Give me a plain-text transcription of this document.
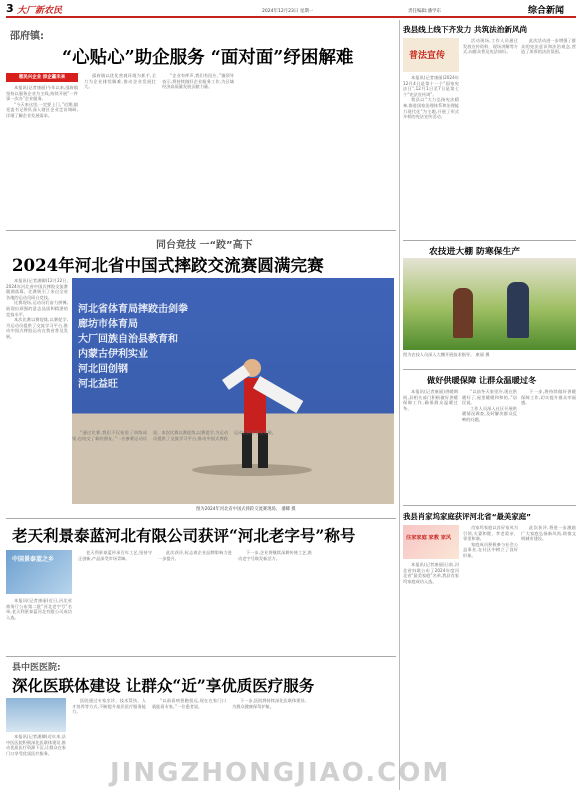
3 大厂新农民	2024年12月23日 星期一	责任编辑:潘学东	综合新闻
邵府镇:
“心贴心”助企服务 “面对面”纾困解难
惠民兴企业 添企赢未来

本报讯(记者康丽)今年以来,邵府镇坚持以服务企业为主线,持续开展“一件事一次办”企业服务。

“今天来这里,一定要上门。”近期,镇党委书记带队深入辖区企业走访调研,详细了解企业发展需求。

邵府镇以优化营商环境为抓手,全力为企业排忧解难,推动企业发展壮大。

“企业有呼声,我们有回应。”镇领导表示,将持续做好企业服务工作,为区域经济高质量发展贡献力量。

同台竞技 一“跤”高下
2024年河北省中国式摔跤交流赛圆满完赛

本报讯(记者潘卿)12月22日,2024年河北省中国式摔跤交流赛圆满落幕。比赛吸引了来自全省各地的运动员同台竞技。

比赛现场,运动员们奋力拼搏,展现出顽强的意志品质和精湛的竞技水平。

本次比赛以赛促练,以赛促学,为运动员提供了交流学习平台,推动中国式摔跤运动在我省普及发展。

河北省体育局摔跤击剑拳
廊坊市体育局
大厂回族自治县教育和
内蒙古伊利实业
河北回创钢
河北益旺
图为2024年河北省中国式摔跤交流赛现场。 潘卿 摄

“通过比赛,我们不仅检验了训练成果,也结交了新的朋友。”一名参赛运动员说。本次比赛以赛促练,以赛促学,为运动员提供了交流学习平台,推动中国式摔跤运动在我省普及发展。

老天利景泰蓝河北有限公司获评“河北老字号”称号
中国景泰蓝之乡

本报讯(记者康丽)近日,河北省商务厅公布第二批“河北老字号”名单,老天利景泰蓝河北有限公司成功入选。

老天利景泰蓝传承百年工艺,坚持守正创新,产品深受市场青睐。

此次获评,标志着企业品牌影响力进一步提升。

下一步,企业将继续深耕传统工艺,推动老字号焕发新活力。

县中医医院:
深化医联体建设 让群众“近”享优质医疗服务

本报讯(记者潘卿)近年来,县中医医院积极深化医联体建设,推动优质医疗资源下沉,让群众在家门口享受优质医疗服务。

医院通过专家坐诊、技术帮扶、人才培养等方式,不断提升基层医疗服务能力。

“以前看病要跑很远,现在在家门口就能看专家。”一位患者说。

下一步,医院将持续深化医联体建设,为群众健康保驾护航。

我县线上线下齐发力 共筑法治新风尚
普法宣传

本报讯(记者康丽)2024年12月4日是第十一个“国家宪法日”,12月1日至7日是第七个“宪法宣传周”。

我县以“大力弘扬宪法精神,推进国家治理体系和治理能力现代化”为主题,开展了形式多样的宪法宣传活动。

活动现场,工作人员通过发放宣传资料、现场讲解等方式,向群众普及宪法知识。

此次活动进一步增强了群众的宪法意识和法治观念,营造了浓厚的法治氛围。

农技进大棚 防寒保生产
图为农技人员深入大棚开展技术指导。 康丽 摄
做好供暖保障 让群众温暖过冬

本报讯(记者康丽)供暖期间,县相关部门积极做好供暖保障工作,确保群众温暖过冬。

“以前冬天家里冷,现在供暖好了,屋里暖暖和和的。”居民说。

工作人员深入社区开展供暖情况调查,及时解决群众反映的问题。

下一步,将持续做好供暖保障工作,切实提升群众幸福感。

我县肖家坞家庭获评河北省“最美家庭”
注家家庭 家教 家风

本报讯(记者康丽)日前,河北省妇联公布了2024年度河北省“最美家庭”名单,我县肖家坞家庭成功入选。

肖家坞家庭以良好家风为引领,夫妻和睦、孝老爱亲、邻里和谐。

家庭成员积极参与社会公益事业,在社区中树立了良好形象。

此次获评,将进一步激励广大家庭弘扬新风尚,助推文明城市建设。

JINGZHONGJIAO.COM
